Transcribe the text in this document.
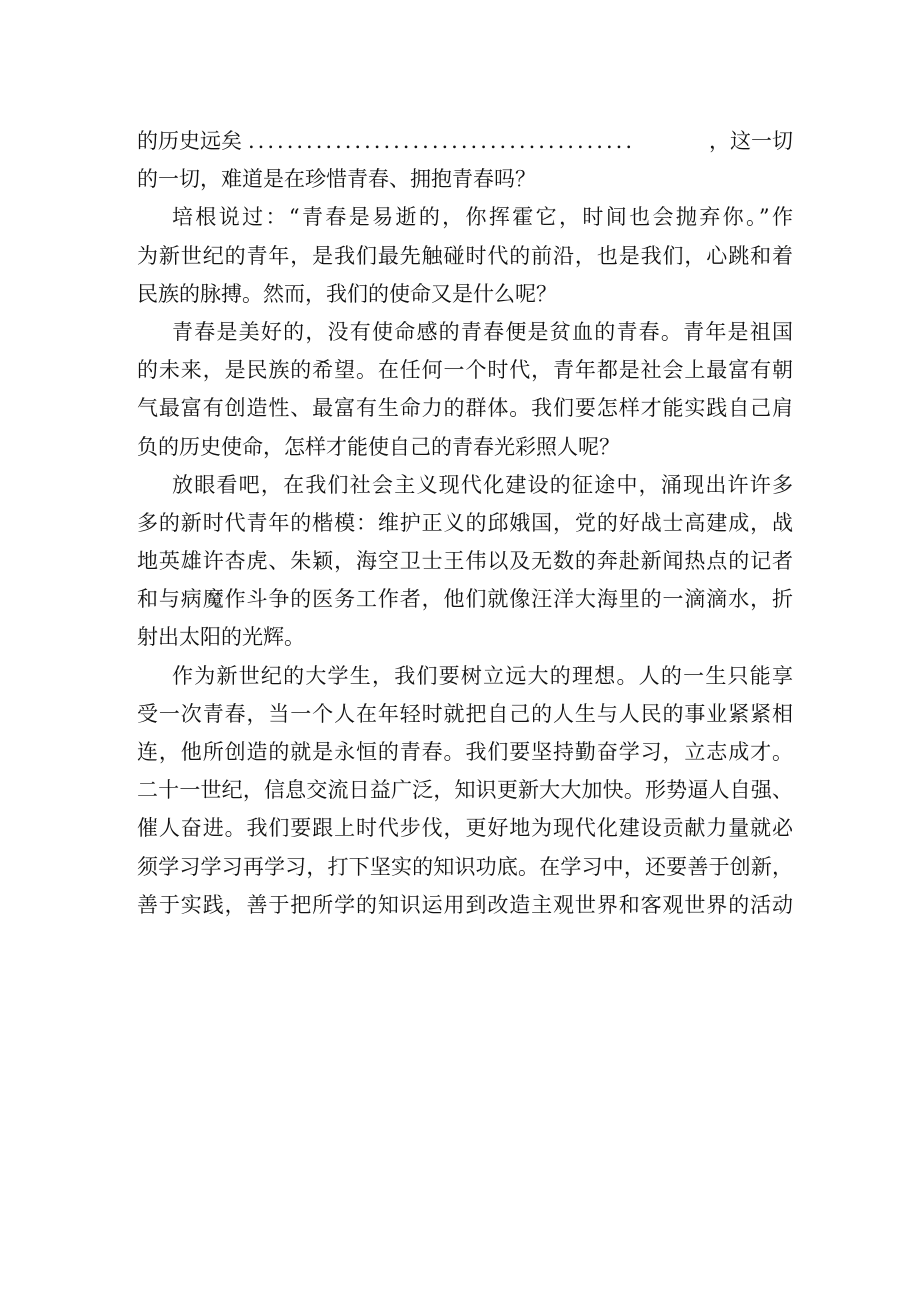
的历史远矣 ........................................	，这一切
的一切，难道是在珍惜青春、拥抱青春吗？
培根说过：“青春是易逝的，你挥霍它，时间也会抛弃你。”作
为新世纪的青年，是我们最先触碰时代的前沿，也是我们，心跳和着
民族的脉搏。然而，我们的使命又是什么呢？
青春是美好的，没有使命感的青春便是贫血的青春。青年是祖国
的未来，是民族的希望。在任何一个时代，青年都是社会上最富有朝
气最富有创造性、最富有生命力的群体。我们要怎样才能实践自己肩
负的历史使命，怎样才能使自己的青春光彩照人呢？
放眼看吧，在我们社会主义现代化建设的征途中，涌现出许许多
多的新时代青年的楷模：维护正义的邱娥国，党的好战士高建成，战
地英雄许杏虎、朱颖，海空卫士王伟以及无数的奔赴新闻热点的记者
和与病魔作斗争的医务工作者，他们就像汪洋大海里的一滴滴水，折
射出太阳的光辉。
作为新世纪的大学生，我们要树立远大的理想。人的一生只能享
受一次青春，当一个人在年轻时就把自己的人生与人民的事业紧紧相
连，他所创造的就是永恒的青春。我们要坚持勤奋学习，立志成才。
二十一世纪，信息交流日益广泛，知识更新大大加快。形势逼人自强、
催人奋进。我们要跟上时代步伐，更好地为现代化建设贡献力量就必
须学习学习再学习，打下坚实的知识功底。在学习中，还要善于创新，
善于实践，善于把所学的知识运用到改造主观世界和客观世界的活动
